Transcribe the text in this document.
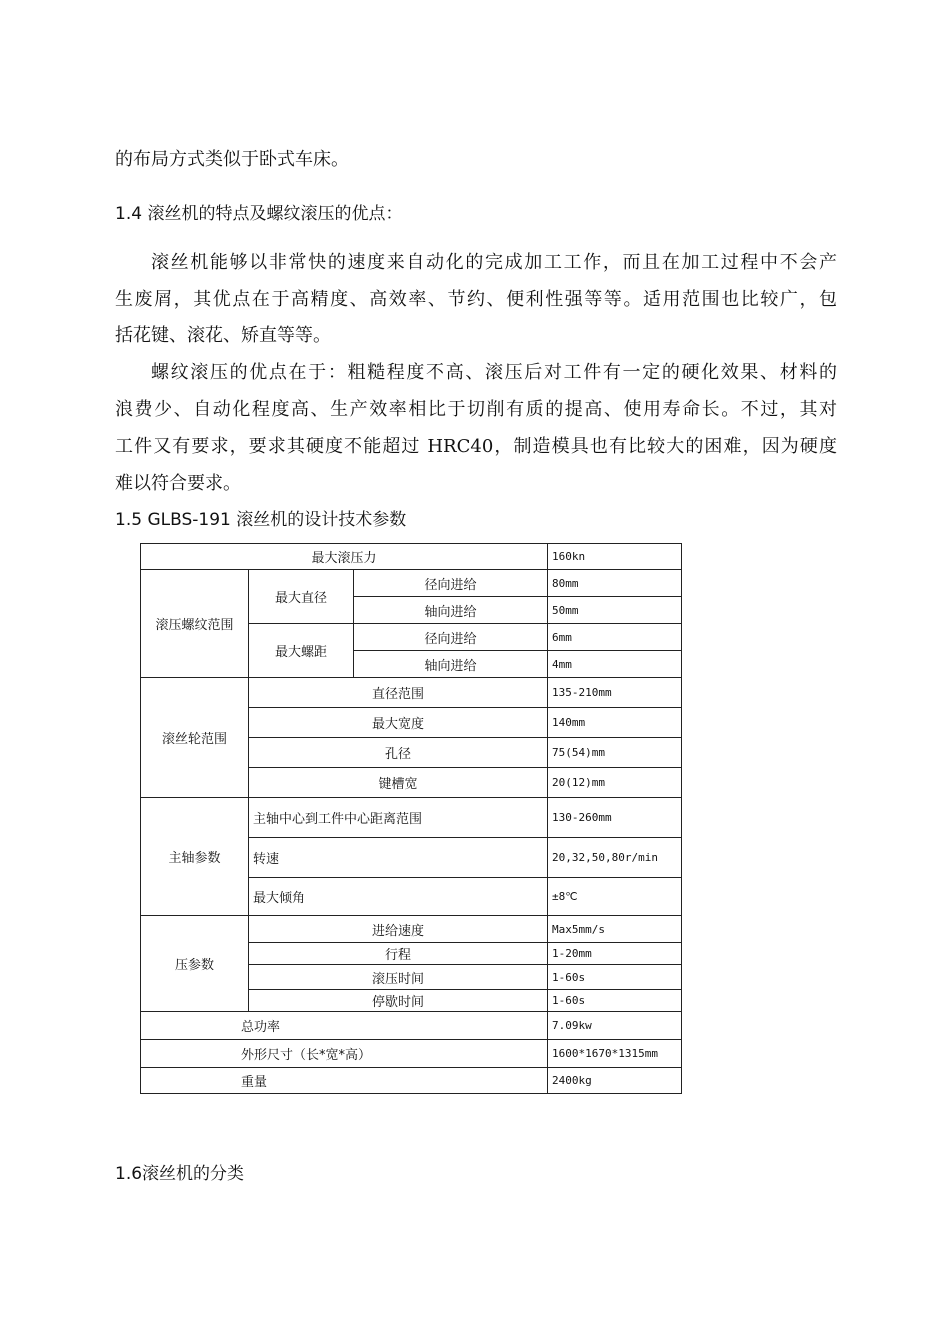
的布局方式类似于卧式车床。
1.4 滚丝机的特点及螺纹滚压的优点：
滚丝机能够以非常快的速度来自动化的完成加工工作，而且在加工过程中不会产
生废屑，其优点在于高精度、高效率、节约、便利性强等等。适用范围也比较广，包
括花键、滚花、矫直等等。
螺纹滚压的优点在于：粗糙程度不高、滚压后对工件有一定的硬化效果、材料的
浪费少、自动化程度高、生产效率相比于切削有质的提高、使用寿命长。不过，其对
工件又有要求，要求其硬度不能超过 HRC40，制造模具也有比较大的困难，因为硬度
难以符合要求。
1.5 GLBS-191 滚丝机的设计技术参数
最大滚压力			160kn
滚压螺纹范围	最大直径	径向进给	80mm
		轴向进给	50mm
	最大螺距	径向进给	6mm
		轴向进给	4mm
滚丝轮范围	直径范围		135-210mm
	最大宽度		140mm
	孔径		75(54)mm
	键槽宽		20(12)mm
主轴参数	主轴中心到工件中心距离范围		130-260mm
	转速		20,32,50,80r/min
	最大倾角		±8℃
压参数	进给速度		Max5mm/s
	行程		1-20mm
	滚压时间		1-60s
	停歇时间		1-60s
总功率			7.09kw
外形尺寸（长*宽*高）			1600*1670*1315mm
重量			2400kg
1.6滚丝机的分类
